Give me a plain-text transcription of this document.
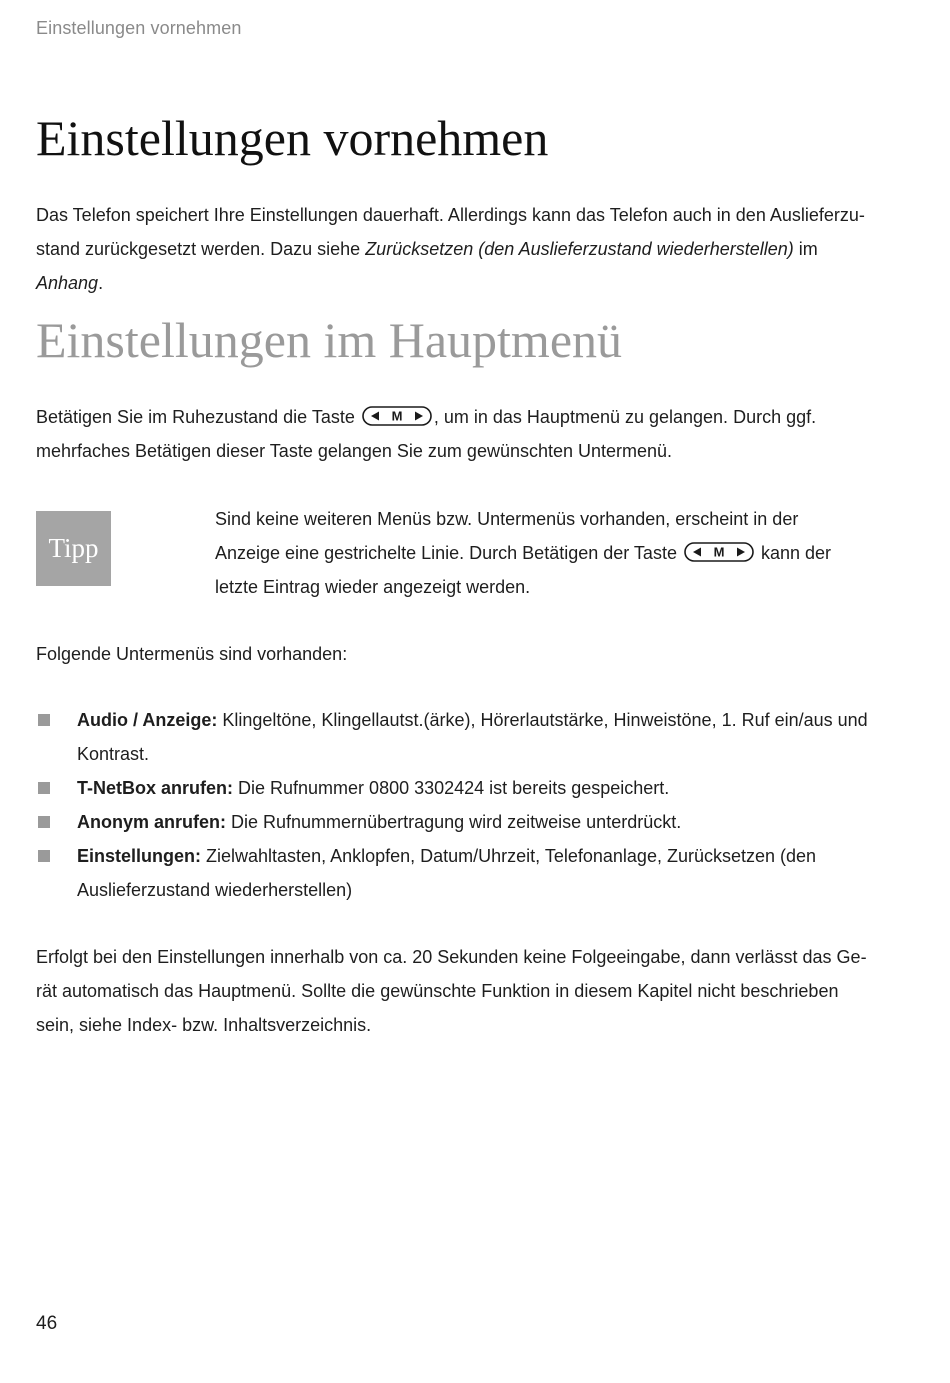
Einstellungen vornehmen
Einstellungen vornehmen

Das Telefon speichert Ihre Einstellungen dauerhaft. Allerdings kann das Telefon auch in den Auslieferzustand zurückgesetzt werden. Dazu siehe Zurücksetzen (den Auslieferzustand wiederherstellen) im Anhang.

Einstellungen im Hauptmenü

Betätigen Sie im Ruhezustand die Taste M , um in das Hauptmenü zu gelangen. Durch ggf. mehrfaches Betätigen dieser Taste gelangen Sie zum gewünschten Untermenü.

Tipp

Sind keine weiteren Menüs bzw. Untermenüs vorhanden, erscheint in der Anzeige eine gestrichelte Linie. Durch Betätigen der Taste M kann der letzte Eintrag wieder angezeigt werden.

Folgende Untermenüs sind vorhanden:

Audio / Anzeige: Klingeltöne, Klingellautst.(ärke), Hörerlautstärke, Hinweistöne, 1. Ruf ein/aus und Kontrast.
T-NetBox anrufen: Die Rufnummer 0800 3302424 ist bereits gespeichert.
Anonym anrufen: Die Rufnummernübertragung wird zeitweise unterdrückt.
Einstellungen: Zielwahltasten, Anklopfen, Datum/Uhrzeit, Telefonanlage, Zurücksetzen (den Auslieferzustand wiederherstellen)

Erfolgt bei den Einstellungen innerhalb von ca. 20 Sekunden keine Folgeeingabe, dann verlässt das Gerät automatisch das Hauptmenü. Sollte die gewünschte Funktion in diesem Kapitel nicht beschrieben sein, siehe Index- bzw. Inhaltsverzeichnis.

46
